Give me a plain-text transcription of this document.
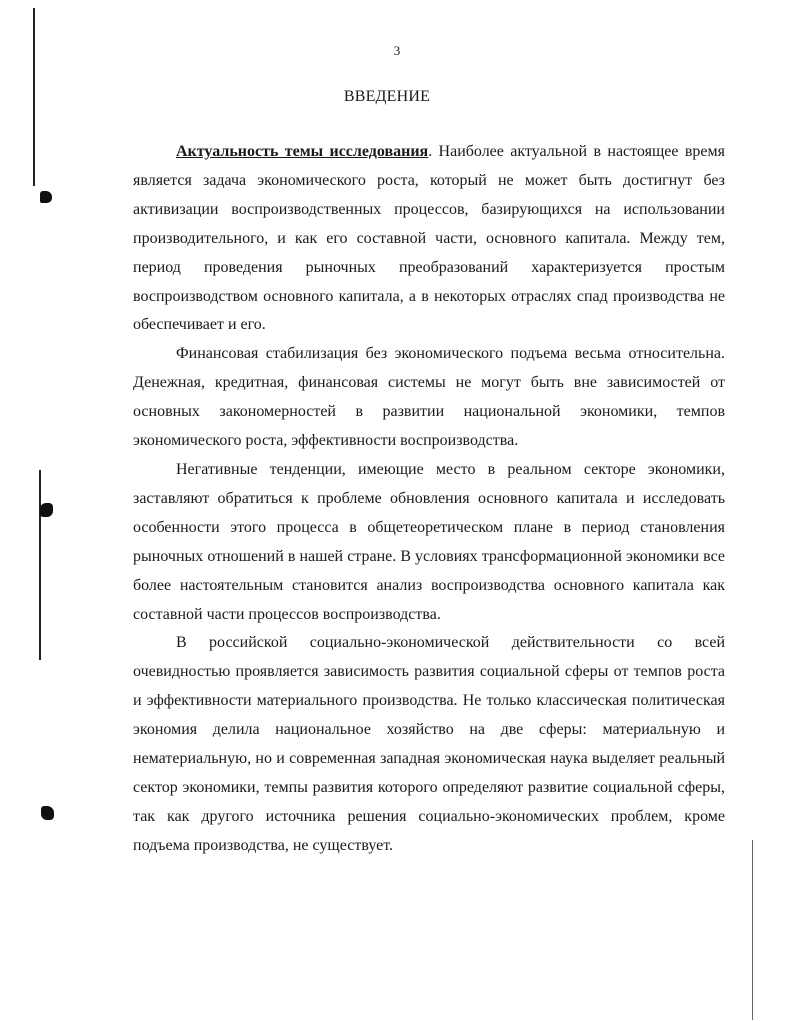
3
ВВЕДЕНИЕ

Актуальность темы исследования. Наиболее актуальной в настоящее время является задача экономического роста, который не может быть достигнут без активизации воспроизводственных процессов, базирующихся на использовании производительного, и как его составной части, основного капитала. Между тем, период проведения рыночных преобразований характеризуется простым воспроизводством основного капитала, а в некоторых отраслях спад производства не обеспечивает и его.

Финансовая стабилизация без экономического подъема весьма относительна. Денежная, кредитная, финансовая системы не могут быть вне зависимостей от основных закономерностей в развитии национальной экономики, темпов экономического роста, эффективности воспроизводства.

Негативные тенденции, имеющие место в реальном секторе экономики, заставляют обратиться к проблеме обновления основного капитала и исследовать особенности этого процесса в общетеоретическом плане в период становления рыночных отношений в нашей стране. В условиях трансформационной экономики все более настоятельным становится анализ воспроизводства основного капитала как составной части процессов воспроизводства.

В российской социально-экономической действительности со всей очевидностью проявляется зависимость развития социальной сферы от темпов роста и эффективности материального производства. Не только классическая политическая экономия делила национальное хозяйство на две сферы: материальную и нематериальную, но и современная западная экономическая наука выделяет реальный сектор экономики, темпы развития которого определяют развитие социальной сферы, так как другого источника решения социально-экономических проблем, кроме подъема производства, не существует.
